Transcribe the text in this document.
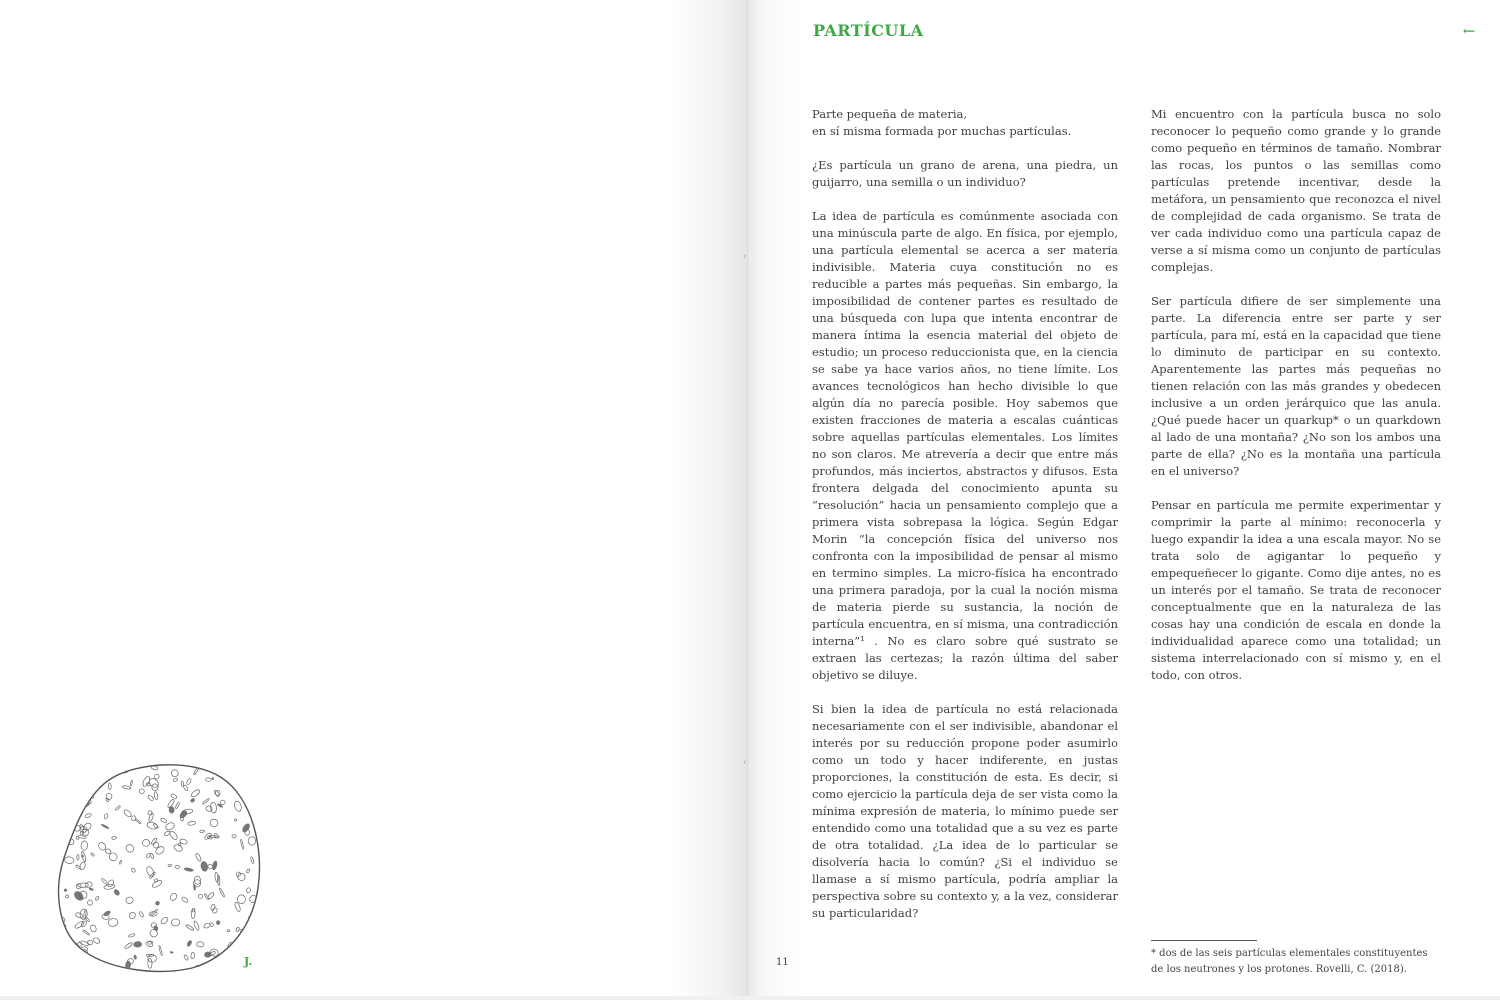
J.
‹
‹
PARTÍCULA	←

Parte pequeña de materia,

en sí misma formada por muchas partículas.

¿Es partícula un grano de arena, una piedra, un guijarro, una semilla o un individuo?

La idea de partícula es comúnmente asociada con una minúscula parte de algo. En física, por ejemplo, una partícula elemental se acerca a ser materia indivisible. Materia cuya constitución no es reducible a partes más pequeñas. Sin embargo, la imposibilidad de contener partes es resultado de una búsqueda con lupa que intenta encontrar de manera íntima la esencia material del objeto de estudio; un proceso reduccionista que, en la ciencia se sabe ya hace varios años, no tiene límite. Los avances tecnológicos han hecho divisible lo que algún día no parecía posible. Hoy sabemos que existen fracciones de materia a escalas cuánticas sobre aquellas partículas elementales. Los límites no son claros. Me atrevería a decir que entre más profundos, más inciertos, abstractos y difusos. Esta frontera delgada del conocimiento apunta su “resolución” hacia un pensamiento complejo que a primera vista sobrepasa la lógica. Según Edgar Morin “la concepción física del universo nos confronta con la imposibilidad de pensar al mismo en termino simples. La micro-física ha encontrado una primera paradoja, por la cual la noción misma de materia pierde su sustancia, la noción de partícula encuentra, en sí misma, una contradicción interna”¹ . No es claro sobre qué sustrato se extraen las certezas; la razón última del saber objetivo se diluye.

Si bien la idea de partícula no está relacionada necesariamente con el ser indivisible, abandonar el interés por su reducción propone poder asumirlo como un todo y hacer indiferente, en justas proporciones, la constitución de esta. Es decir, si como ejercicio la partícula deja de ser vista como la mínima expresión de materia, lo mínimo puede ser entendido como una totalidad que a su vez es parte de otra totalidad. ¿La idea de lo particular se disolvería hacia lo común? ¿Si el individuo se llamase a sí mismo partícula, podría ampliar la perspectiva sobre su contexto y, a la vez, considerar su particularidad?

Mi encuentro con la partícula busca no solo reconocer lo pequeño como grande y lo grande como pequeño en términos de tamaño. Nombrar las rocas, los puntos o las semillas como partículas pretende incentivar, desde la metáfora, un pensamiento que reconozca el nivel de complejidad de cada organismo. Se trata de ver cada individuo como una partícula capaz de verse a sí misma como un conjunto de partículas complejas.

Ser partícula difiere de ser simplemente una parte. La diferencia entre ser parte y ser partícula, para mí, está en la capacidad que tiene lo diminuto de participar en su contexto. Aparentemente las partes más pequeñas no tienen relación con las más grandes y obedecen inclusive a un orden jerárquico que las anula. ¿Qué puede hacer un quarkup* o un quarkdown al lado de una montaña? ¿No son los ambos una parte de ella? ¿No es la montaña una partícula en el universo?

Pensar en partícula me permite experimentar y comprimir la parte al mínimo: reconocerla y luego expandir la idea a una escala mayor. No se trata solo de agigantar lo pequeño y empequeñecer lo gigante. Como dije antes, no es un interés por el tamaño. Se trata de reconocer conceptualmente que en la naturaleza de las cosas hay una condición de escala en donde la individualidad aparece como una totalidad; un sistema interrelacionado con sí mismo y, en el todo, con otros.

* dos de las seis partículas elementales constituyentes de los neutrones y los protones. Rovelli, C. (2018).

11
